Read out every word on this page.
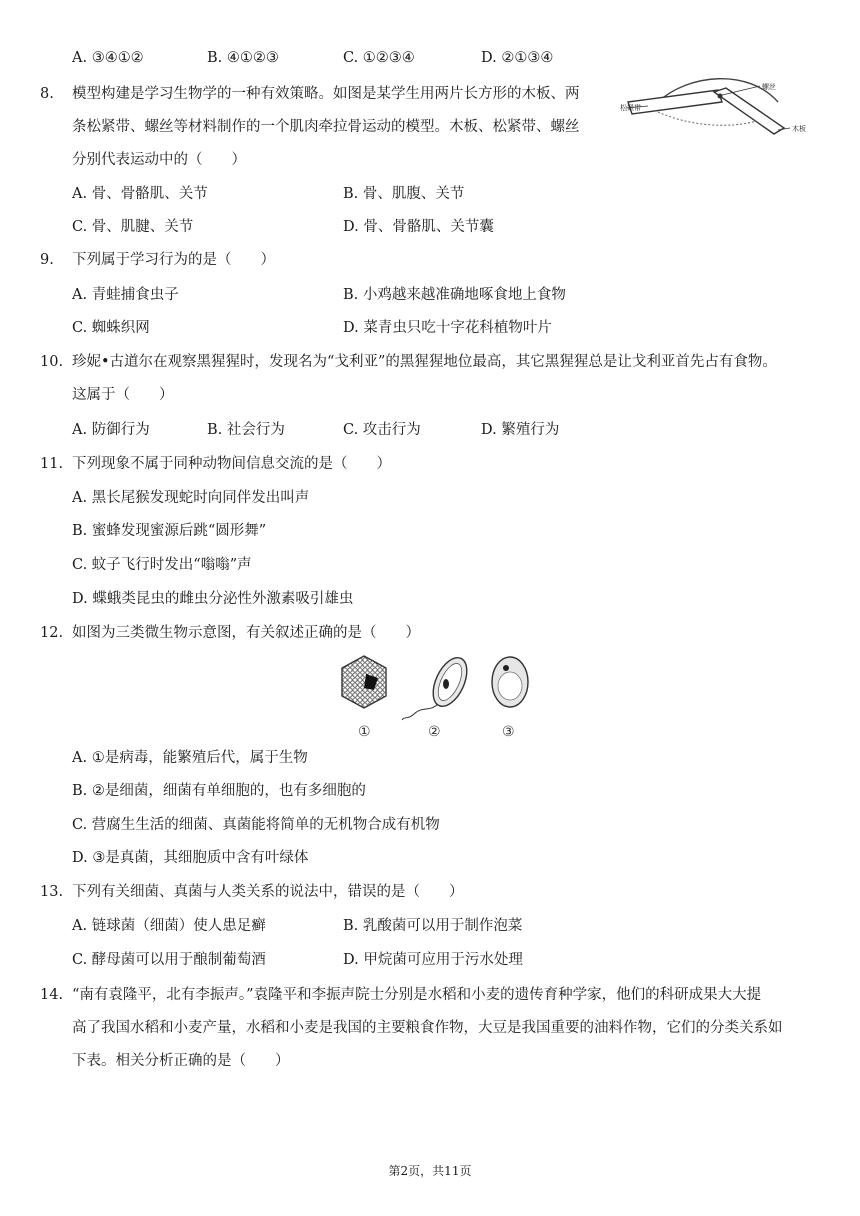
A. ③④①②	B. ④①②③	C. ①②③④	D. ②①③④
8. 模型构建是学习生物学的一种有效策略。如图是某学生用两片长方形的木板、两
条松紧带、螺丝等材料制作的一个肌肉牵拉骨运动的模型。木板、松紧带、螺丝
分别代表运动中的（　　）
松紧带
螺丝
木板
A. 骨、骨骼肌、关节	B. 骨、肌腹、关节
C. 骨、肌腱、关节	D. 骨、骨骼肌、关节囊
9. 下列属于学习行为的是（　　）
A. 青蛙捕食虫子	B. 小鸡越来越准确地啄食地上食物
C. 蜘蛛织网	D. 菜青虫只吃十字花科植物叶片
10. 珍妮•古道尔在观察黑猩猩时，发现名为“戈利亚”的黑猩猩地位最高，其它黑猩猩总是让戈利亚首先占有食物。
这属于（　　）
A. 防御行为	B. 社会行为	C. 攻击行为	D. 繁殖行为
11. 下列现象不属于同种动物间信息交流的是（　　）
A. 黑长尾猴发现蛇时向同伴发出叫声
B. 蜜蜂发现蜜源后跳“圆形舞”
C. 蚊子飞行时发出“嗡嗡”声
D. 蝶蛾类昆虫的雌虫分泌性外激素吸引雄虫
12. 如图为三类微生物示意图，有关叙述正确的是（　　）
①	②	③
A. ①是病毒，能繁殖后代，属于生物
B. ②是细菌，细菌有单细胞的，也有多细胞的
C. 营腐生生活的细菌、真菌能将简单的无机物合成有机物
D. ③是真菌，其细胞质中含有叶绿体
13. 下列有关细菌、真菌与人类关系的说法中，错误的是（　　）
A. 链球菌（细菌）使人患足癣	B. 乳酸菌可以用于制作泡菜
C. 酵母菌可以用于酿制葡萄酒	D. 甲烷菌可应用于污水处理
14. “南有袁隆平，北有李振声。”袁隆平和李振声院士分别是水稻和小麦的遗传育种学家，他们的科研成果大大提
高了我国水稻和小麦产量，水稻和小麦是我国的主要粮食作物，大豆是我国重要的油料作物，它们的分类关系如
下表。相关分析正确的是（　　）
第2页，共11页
